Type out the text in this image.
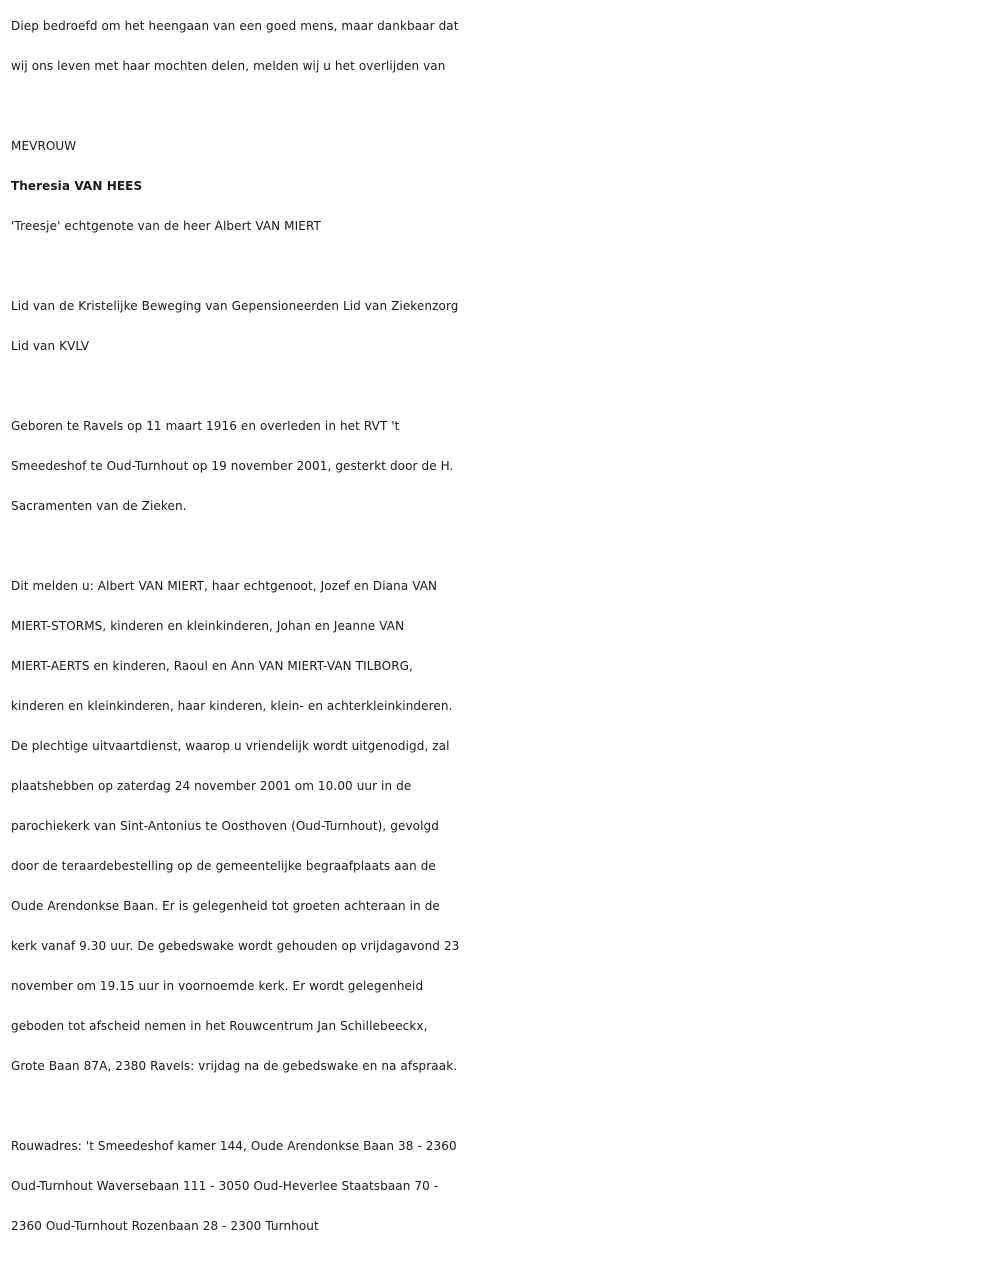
Diep bedroefd om het heengaan van een goed mens, maar dankbaar dat
wij ons leven met haar mochten delen, melden wij u het overlijden van
MEVROUW
Theresia VAN HEES
'Treesje' echtgenote van de heer Albert VAN MIERT
Lid van de Kristelijke Beweging van Gepensioneerden Lid van Ziekenzorg
Lid van KVLV
Geboren te Ravels op 11 maart 1916 en overleden in het RVT 't
Smeedeshof te Oud-Turnhout op 19 november 2001, gesterkt door de H.
Sacramenten van de Zieken.
Dit melden u: Albert VAN MIERT, haar echtgenoot, Jozef en Diana VAN
MIERT-STORMS, kinderen en kleinkinderen, Johan en Jeanne VAN
MIERT-AERTS en kinderen, Raoul en Ann VAN MIERT-VAN TILBORG,
kinderen en kleinkinderen, haar kinderen, klein- en achterkleinkinderen.
De plechtige uitvaartdienst, waarop u vriendelijk wordt uitgenodigd, zal
plaatshebben op zaterdag 24 november 2001 om 10.00 uur in de
parochiekerk van Sint-Antonius te Oosthoven (Oud-Turnhout), gevolgd
door de teraardebestelling op de gemeentelijke begraafplaats aan de
Oude Arendonkse Baan. Er is gelegenheid tot groeten achteraan in de
kerk vanaf 9.30 uur. De gebedswake wordt gehouden op vrijdagavond 23
november om 19.15 uur in voornoemde kerk. Er wordt gelegenheid
geboden tot afscheid nemen in het Rouwcentrum Jan Schillebeeckx,
Grote Baan 87A, 2380 Ravels: vrijdag na de gebedswake en na afspraak.
Rouwadres: 't Smeedeshof kamer 144, Oude Arendonkse Baan 38 - 2360
Oud-Turnhout Waversebaan 111 - 3050 Oud-Heverlee Staatsbaan 70 -
2360 Oud-Turnhout Rozenbaan 28 - 2300 Turnhout
